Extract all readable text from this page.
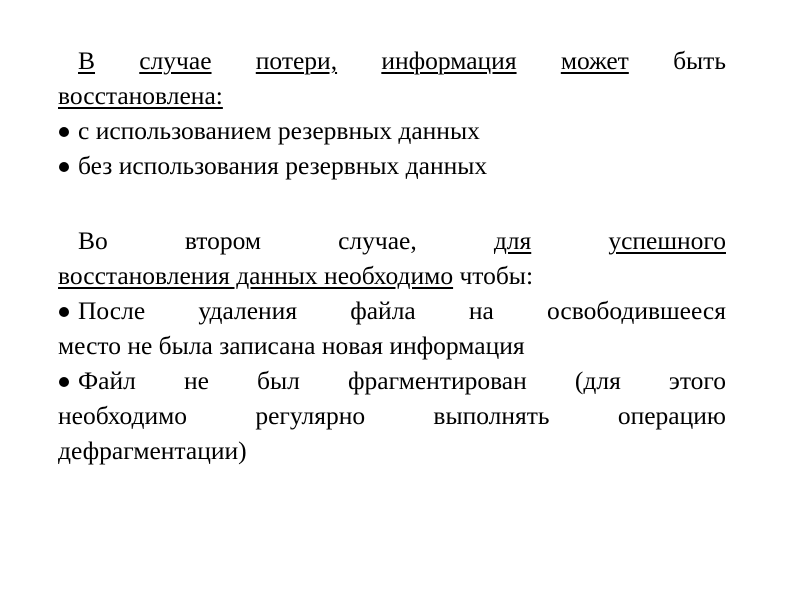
В случае потери, информация может быть
восстановлена:
с использованием резервных данных
без использования резервных данных
Во	втором	случае,	для	успешного
восстановления данных необходимо чтобы:
После удаления файла на освободившееся
место не была записана новая информация
Файл не был фрагментирован (для этого
необходимо	регулярно	выполнять	операцию
дефрагментации)
